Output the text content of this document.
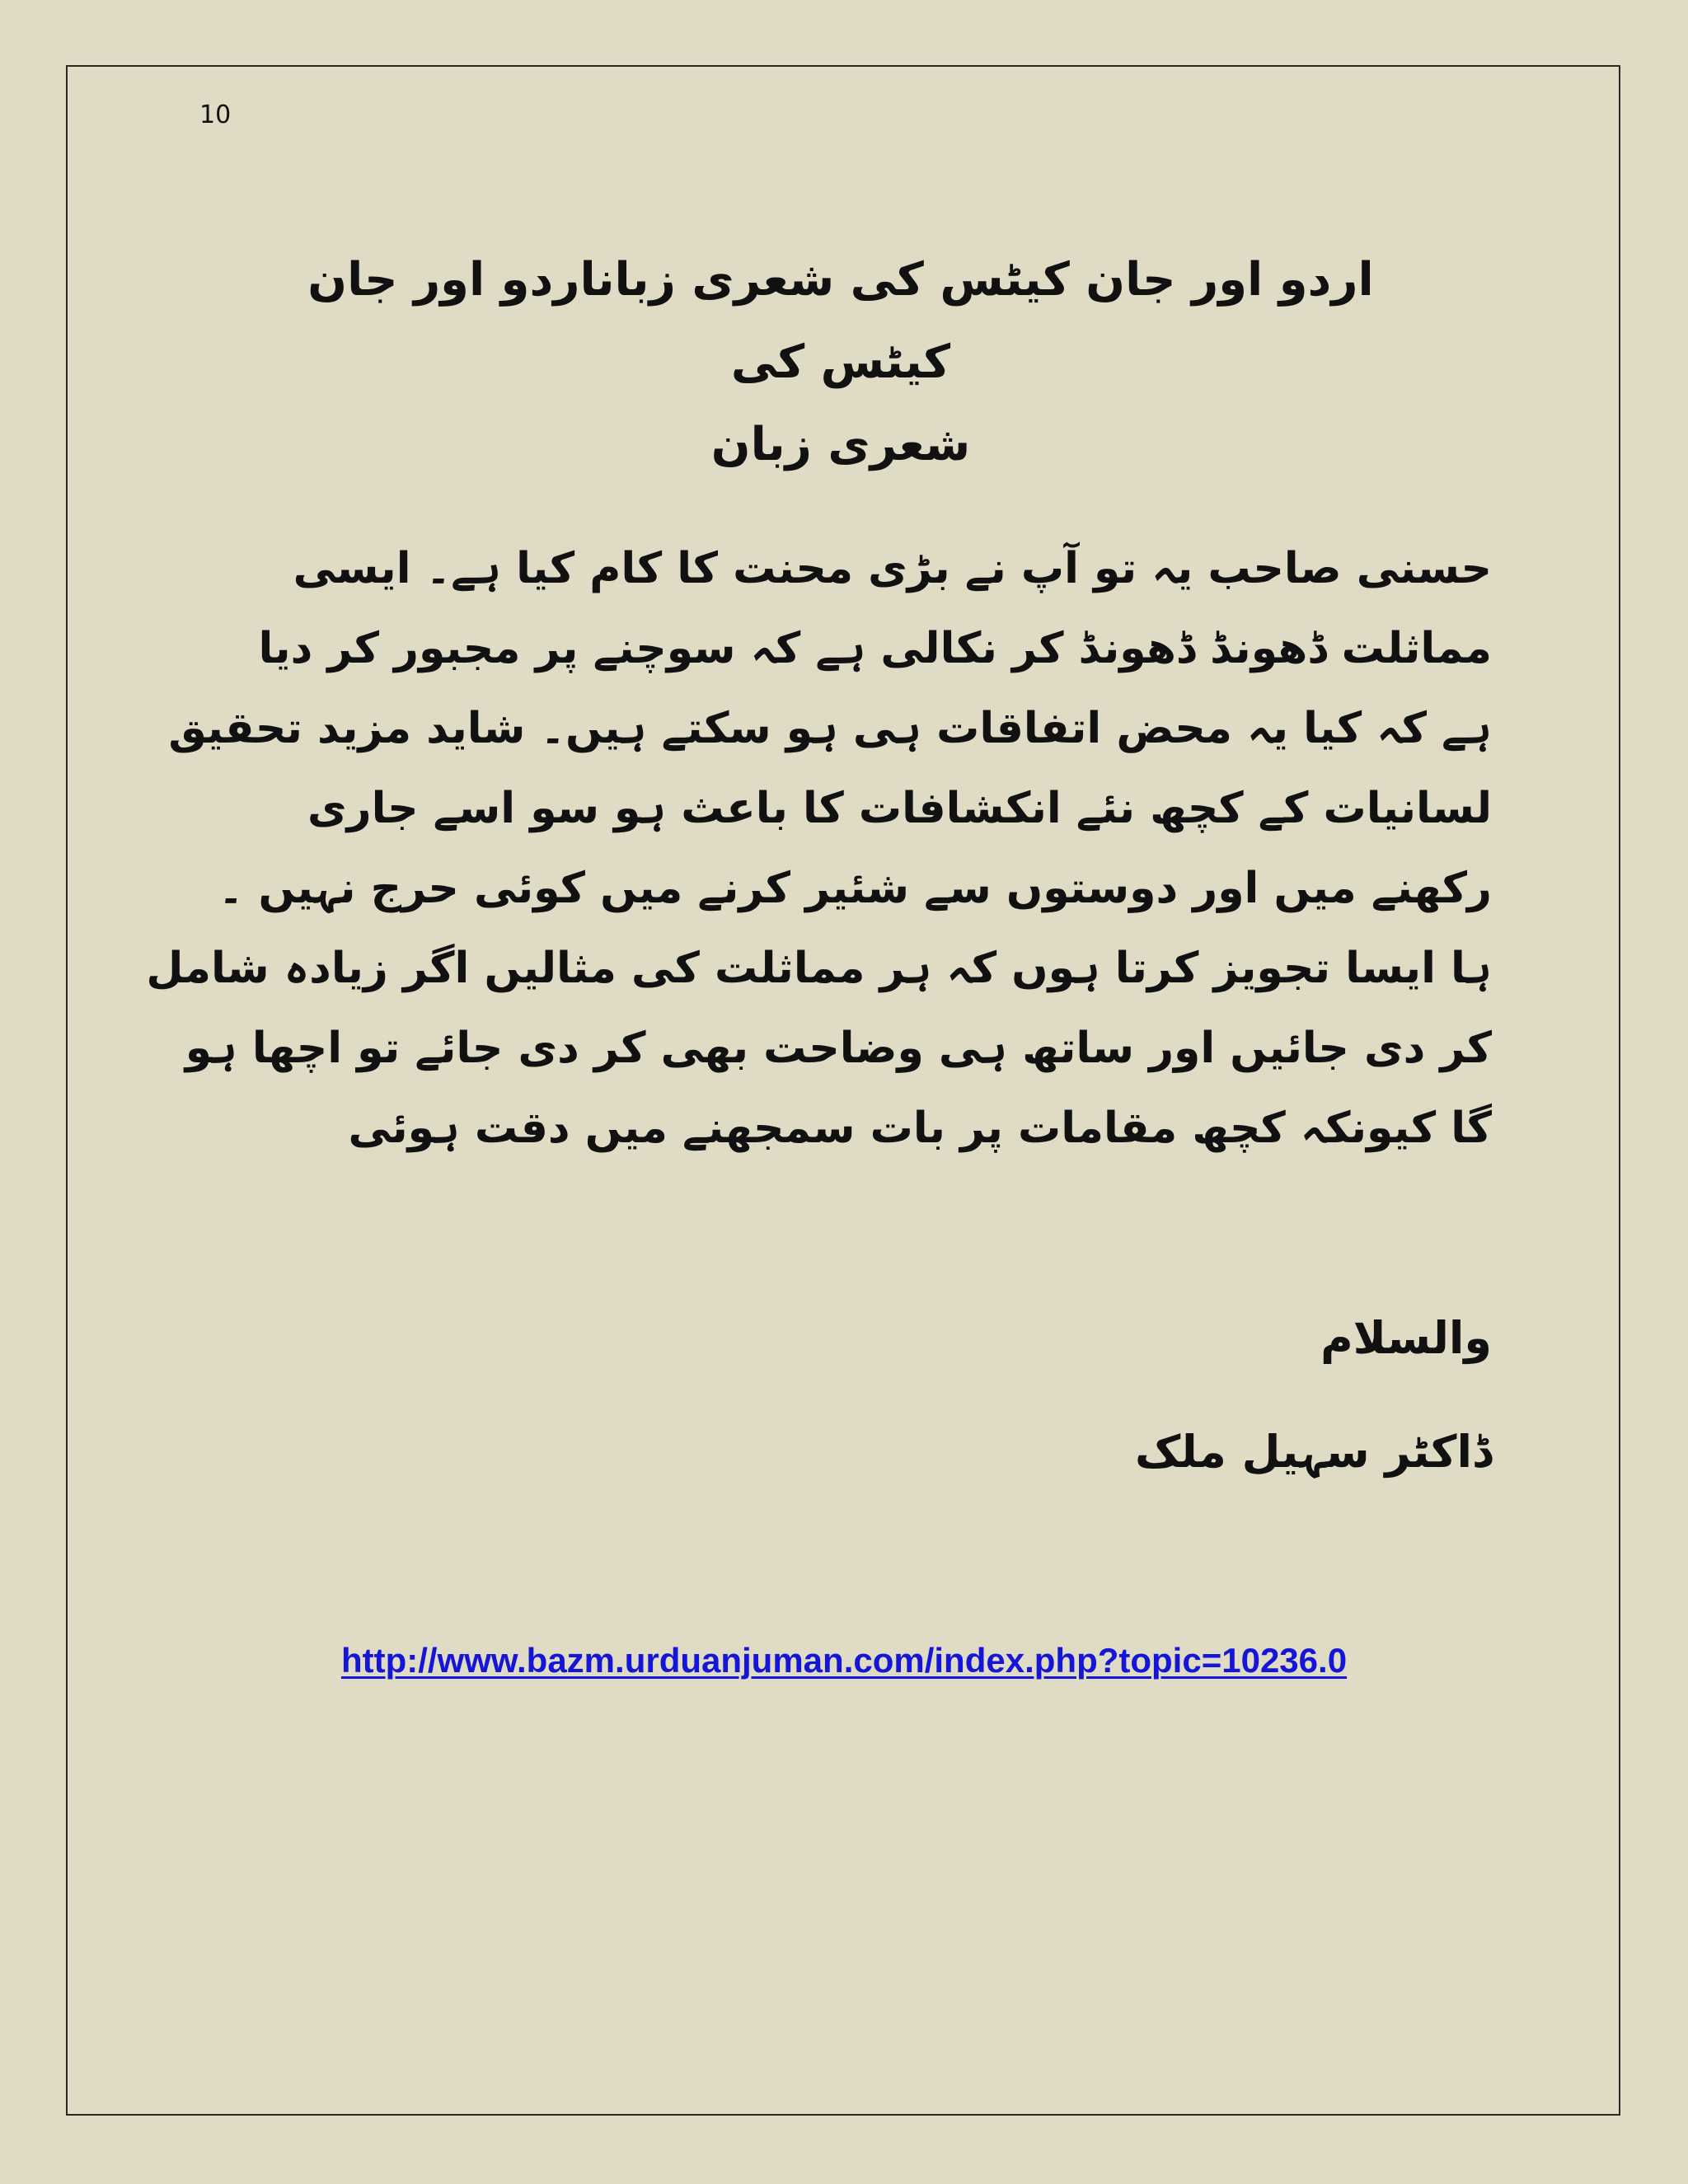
10
اردو اور جان کیٹس کی شعری زباناردو اور جان کیٹس کی
شعری زبان
حسنی صاحب یہ تو آپ نے بڑی محنت کا کام کیا ہے۔ ایسی
مماثلت ڈھونڈ ڈھونڈ کر نکالی ہے کہ سوچنے پر مجبور کر دیا
ہے کہ کیا یہ محض اتفاقات ہی ہو سکتے ہیں۔ شاید مزید تحقیق
لسانیات کے کچھ نئے انکشافات کا باعث ہو سو اسے جاری
رکھنے میں اور دوستوں سے شئیر کرنے میں کوئی حرج نہیں ۔
ہا ایسا تجویز کرتا ہوں کہ ہر مماثلت کی مثالیں اگر زیادہ شامل
کر دی جائیں اور ساتھ ہی وضاحت بھی کر دی جائے تو اچھا ہو
گا کیونکہ کچھ مقامات پر بات سمجھنے میں دقت ہوئی
والسلام
ڈاکٹر سہیل ملک
http://www.bazm.urduanjuman.com/index.php?topic=10236.0
